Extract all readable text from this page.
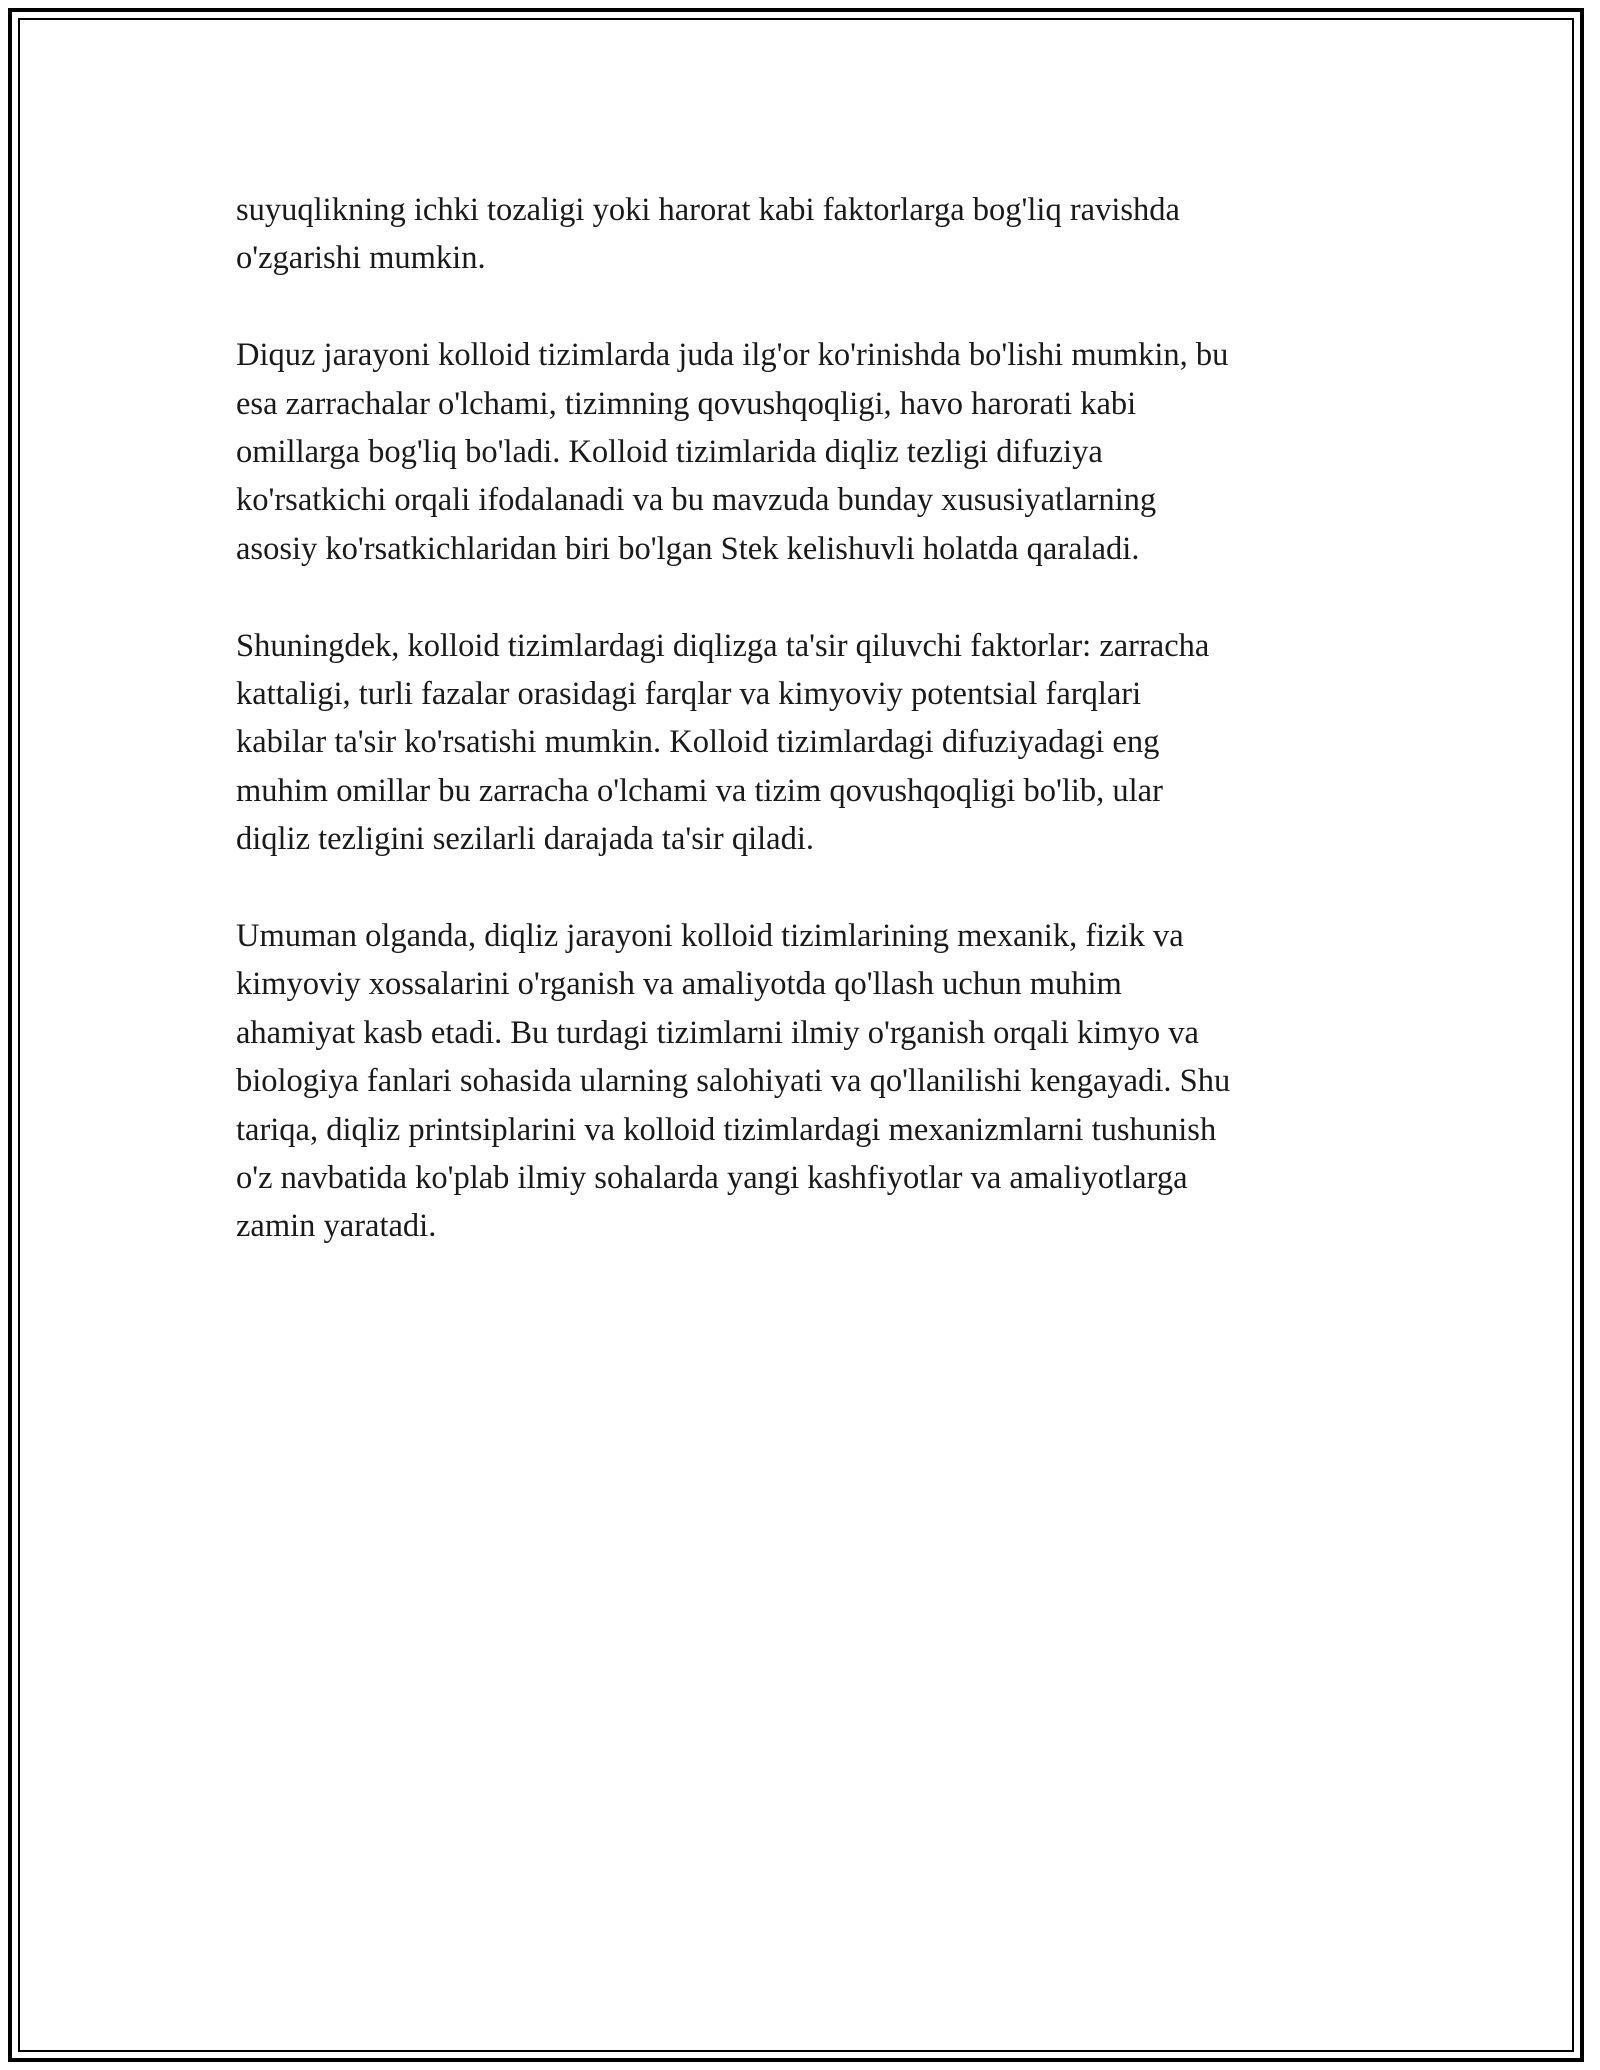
suyuqlikning ichki tozaligi yoki harorat kabi faktorlarga bog'liq ravishda
o'zgarishi mumkin.

Diquz jarayoni kolloid tizimlarda juda ilg'or ko'rinishda bo'lishi mumkin, bu
esa zarrachalar o'lchami, tizimning qovushqoqligi, havo harorati kabi
omillarga bog'liq bo'ladi. Kolloid tizimlarida diqliz tezligi difuziya
ko'rsatkichi orqali ifodalanadi va bu mavzuda bunday xususiyatlarning
asosiy ko'rsatkichlaridan biri bo'lgan Stek kelishuvli holatda qaraladi.

Shuningdek, kolloid tizimlardagi diqlizga ta'sir qiluvchi faktorlar: zarracha
kattaligi, turli fazalar orasidagi farqlar va kimyoviy potentsial farqlari
kabilar ta'sir ko'rsatishi mumkin. Kolloid tizimlardagi difuziyadagi eng
muhim omillar bu zarracha o'lchami va tizim qovushqoqligi bo'lib, ular
diqliz tezligini sezilarli darajada ta'sir qiladi.

Umuman olganda, diqliz jarayoni kolloid tizimlarining mexanik, fizik va
kimyoviy xossalarini o'rganish va amaliyotda qo'llash uchun muhim
ahamiyat kasb etadi. Bu turdagi tizimlarni ilmiy o'rganish orqali kimyo va
biologiya fanlari sohasida ularning salohiyati va qo'llanilishi kengayadi. Shu
tariqa, diqliz printsiplarini va kolloid tizimlardagi mexanizmlarni tushunish
o'z navbatida ko'plab ilmiy sohalarda yangi kashfiyotlar va amaliyotlarga
zamin yaratadi.
